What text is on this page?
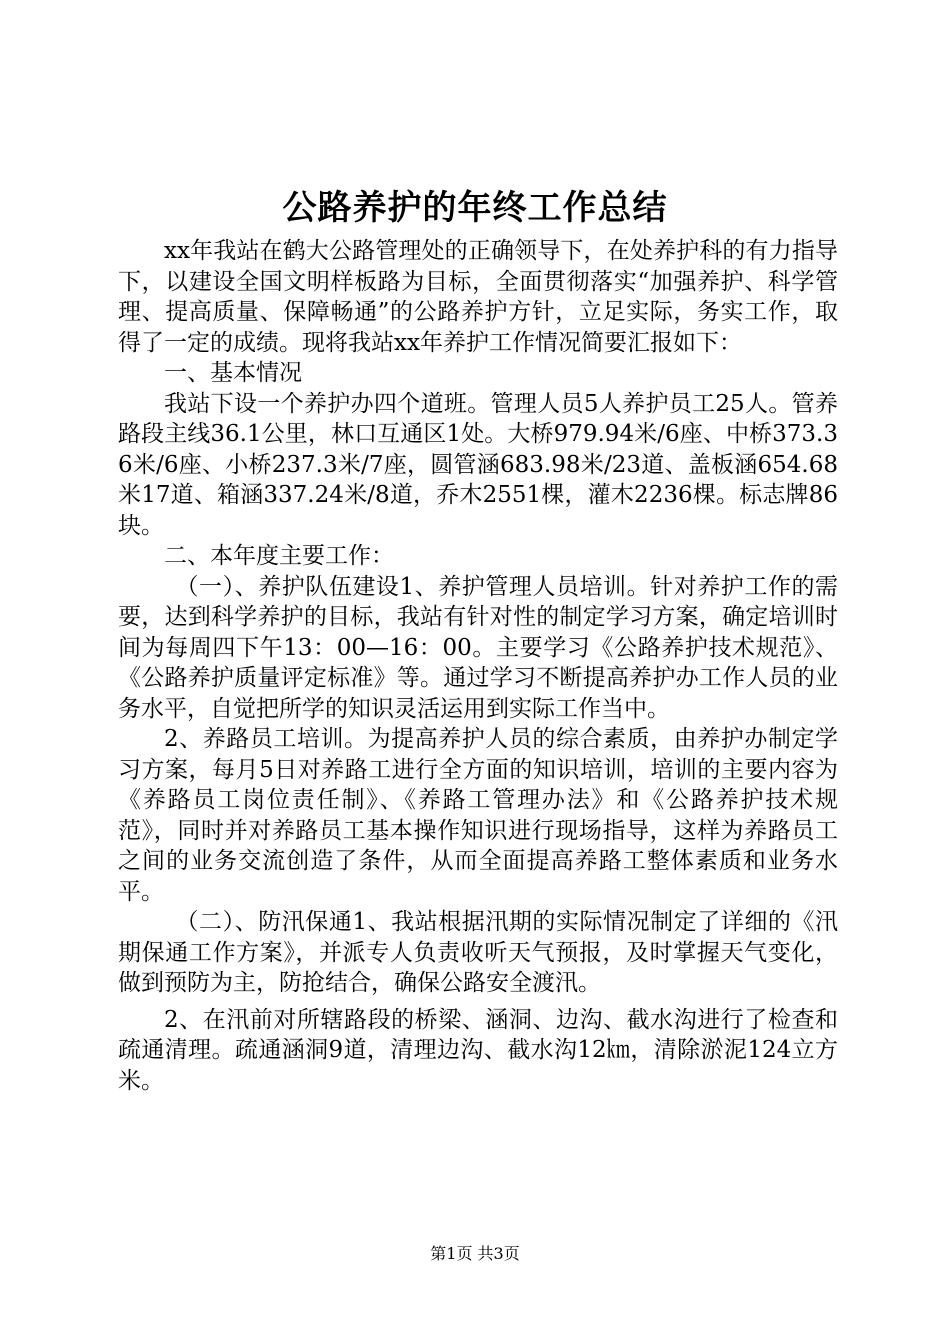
公路养护的年终工作总结

xx年我站在鹤大公路管理处的正确领导下，在处养护科的有力指导下，以建设全国文明样板路为目标，全面贯彻落实“加强养护、科学管理、提高质量、保障畅通”的公路养护方针，立足实际，务实工作，取得了一定的成绩。现将我站xx年养护工作情况简要汇报如下：

一、基本情况

我站下设一个养护办四个道班。管理人员5人养护员工25人。管养路段主线36.1公里，林口互通区1处。大桥979.94米/6座、中桥373.36米/6座、小桥237.3米/7座，圆管涵683.98米/23道、盖板涵654.68米17道、箱涵337.24米/8道，乔木2551棵，灌木2236棵。标志牌86块。

二、本年度主要工作：

（一）、养护队伍建设1、养护管理人员培训。针对养护工作的需要，达到科学养护的目标，我站有针对性的制定学习方案，确定培训时间为每周四下午13：00—16：00。主要学习《公路养护技术规范》、《公路养护质量评定标准》等。通过学习不断提高养护办工作人员的业务水平，自觉把所学的知识灵活运用到实际工作当中。

2、养路员工培训。为提高养护人员的综合素质，由养护办制定学习方案，每月5日对养路工进行全方面的知识培训，培训的主要内容为《养路员工岗位责任制》、《养路工管理办法》和《公路养护技术规范》，同时并对养路员工基本操作知识进行现场指导，这样为养路员工之间的业务交流创造了条件，从而全面提高养路工整体素质和业务水平。

（二）、防汛保通1、我站根据汛期的实际情况制定了详细的《汛期保通工作方案》，并派专人负责收听天气预报，及时掌握天气变化，做到预防为主，防抢结合，确保公路安全渡汛。

2、在汛前对所辖路段的桥梁、涵洞、边沟、截水沟进行了检查和疏通清理。疏通涵洞9道，清理边沟、截水沟12㎞，清除淤泥124立方米。

第1页 共3页
